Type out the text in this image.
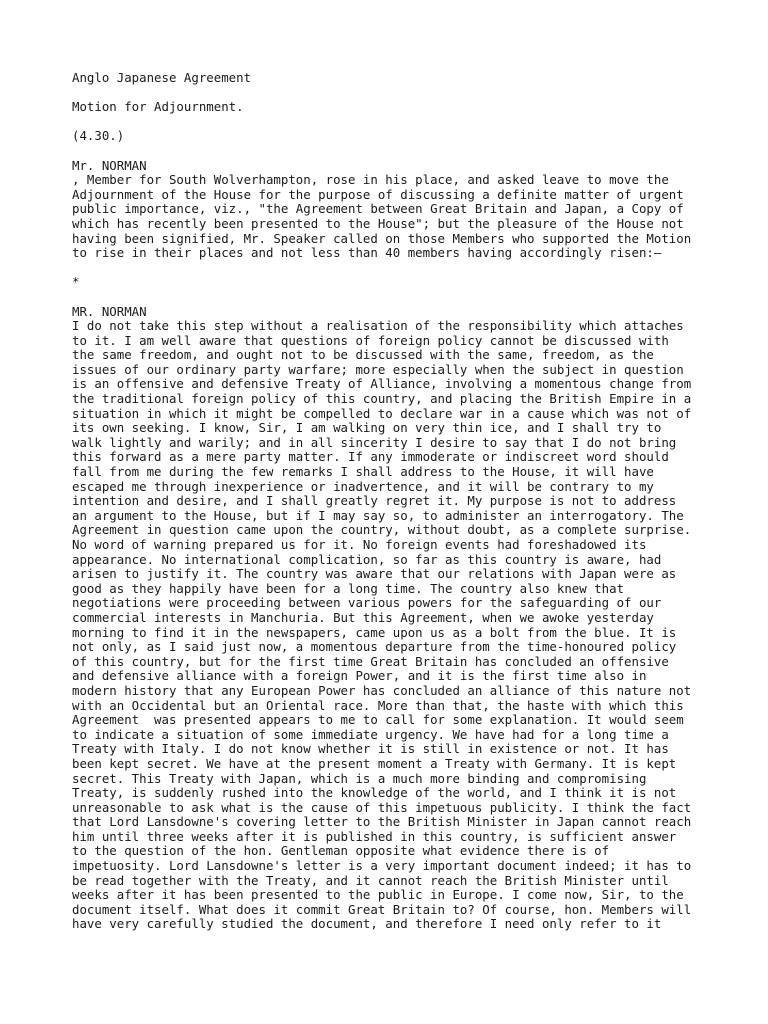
Anglo Japanese Agreement
Motion for Adjournment.
(4.30.)
Mr. NORMAN
, Member for South Wolverhampton, rose in his place, and asked leave to move the
Adjournment of the House for the purpose of discussing a definite matter of urgent
public importance, viz., "the Agreement between Great Britain and Japan, a Copy of
which has recently been presented to the House"; but the pleasure of the House not
having been signified, Mr. Speaker called on those Members who supported the Motion
to rise in their places and not less than 40 members having accordingly risen:—
*
MR. NORMAN
I do not take this step without a realisation of the responsibility which attaches
to it. I am well aware that questions of foreign policy cannot be discussed with
the same freedom, and ought not to be discussed with the same, freedom, as the
issues of our ordinary party warfare; more especially when the subject in question
is an offensive and defensive Treaty of Alliance, involving a momentous change from
the traditional foreign policy of this country, and placing the British Empire in a
situation in which it might be compelled to declare war in a cause which was not of
its own seeking. I know, Sir, I am walking on very thin ice, and I shall try to
walk lightly and warily; and in all sincerity I desire to say that I do not bring
this forward as a mere party matter. If any immoderate or indiscreet word should
fall from me during the few remarks I shall address to the House, it will have
escaped me through inexperience or inadvertence, and it will be contrary to my
intention and desire, and I shall greatly regret it. My purpose is not to address
an argument to the House, but if I may say so, to administer an interrogatory. The
Agreement in question came upon the country, without doubt, as a complete surprise.
No word of warning prepared us for it. No foreign events had foreshadowed its
appearance. No international complication, so far as this country is aware, had
arisen to justify it. The country was aware that our relations with Japan were as
good as they happily have been for a long time. The country also knew that
negotiations were proceeding between various powers for the safeguarding of our
commercial interests in Manchuria. But this Agreement, when we awoke yesterday
morning to find it in the newspapers, came upon us as a bolt from the blue. It is
not only, as I said just now, a momentous departure from the time-honoured policy
of this country, but for the first time Great Britain has concluded an offensive
and defensive alliance with a foreign Power, and it is the first time also in
modern history that any European Power has concluded an alliance of this nature not
with an Occidental but an Oriental race. More than that, the haste with which this
Agreement  was presented appears to me to call for some explanation. It would seem
to indicate a situation of some immediate urgency. We have had for a long time a
Treaty with Italy. I do not know whether it is still in existence or not. It has
been kept secret. We have at the present moment a Treaty with Germany. It is kept
secret. This Treaty with Japan, which is a much more binding and compromising
Treaty, is suddenly rushed into the knowledge of the world, and I think it is not
unreasonable to ask what is the cause of this impetuous publicity. I think the fact
that Lord Lansdowne's covering letter to the British Minister in Japan cannot reach
him until three weeks after it is published in this country, is sufficient answer
to the question of the hon. Gentleman opposite what evidence there is of
impetuosity. Lord Lansdowne's letter is a very important document indeed; it has to
be read together with the Treaty, and it cannot reach the British Minister until
weeks after it has been presented to the public in Europe. I come now, Sir, to the
document itself. What does it commit Great Britain to? Of course, hon. Members will
have very carefully studied the document, and therefore I need only refer to it
